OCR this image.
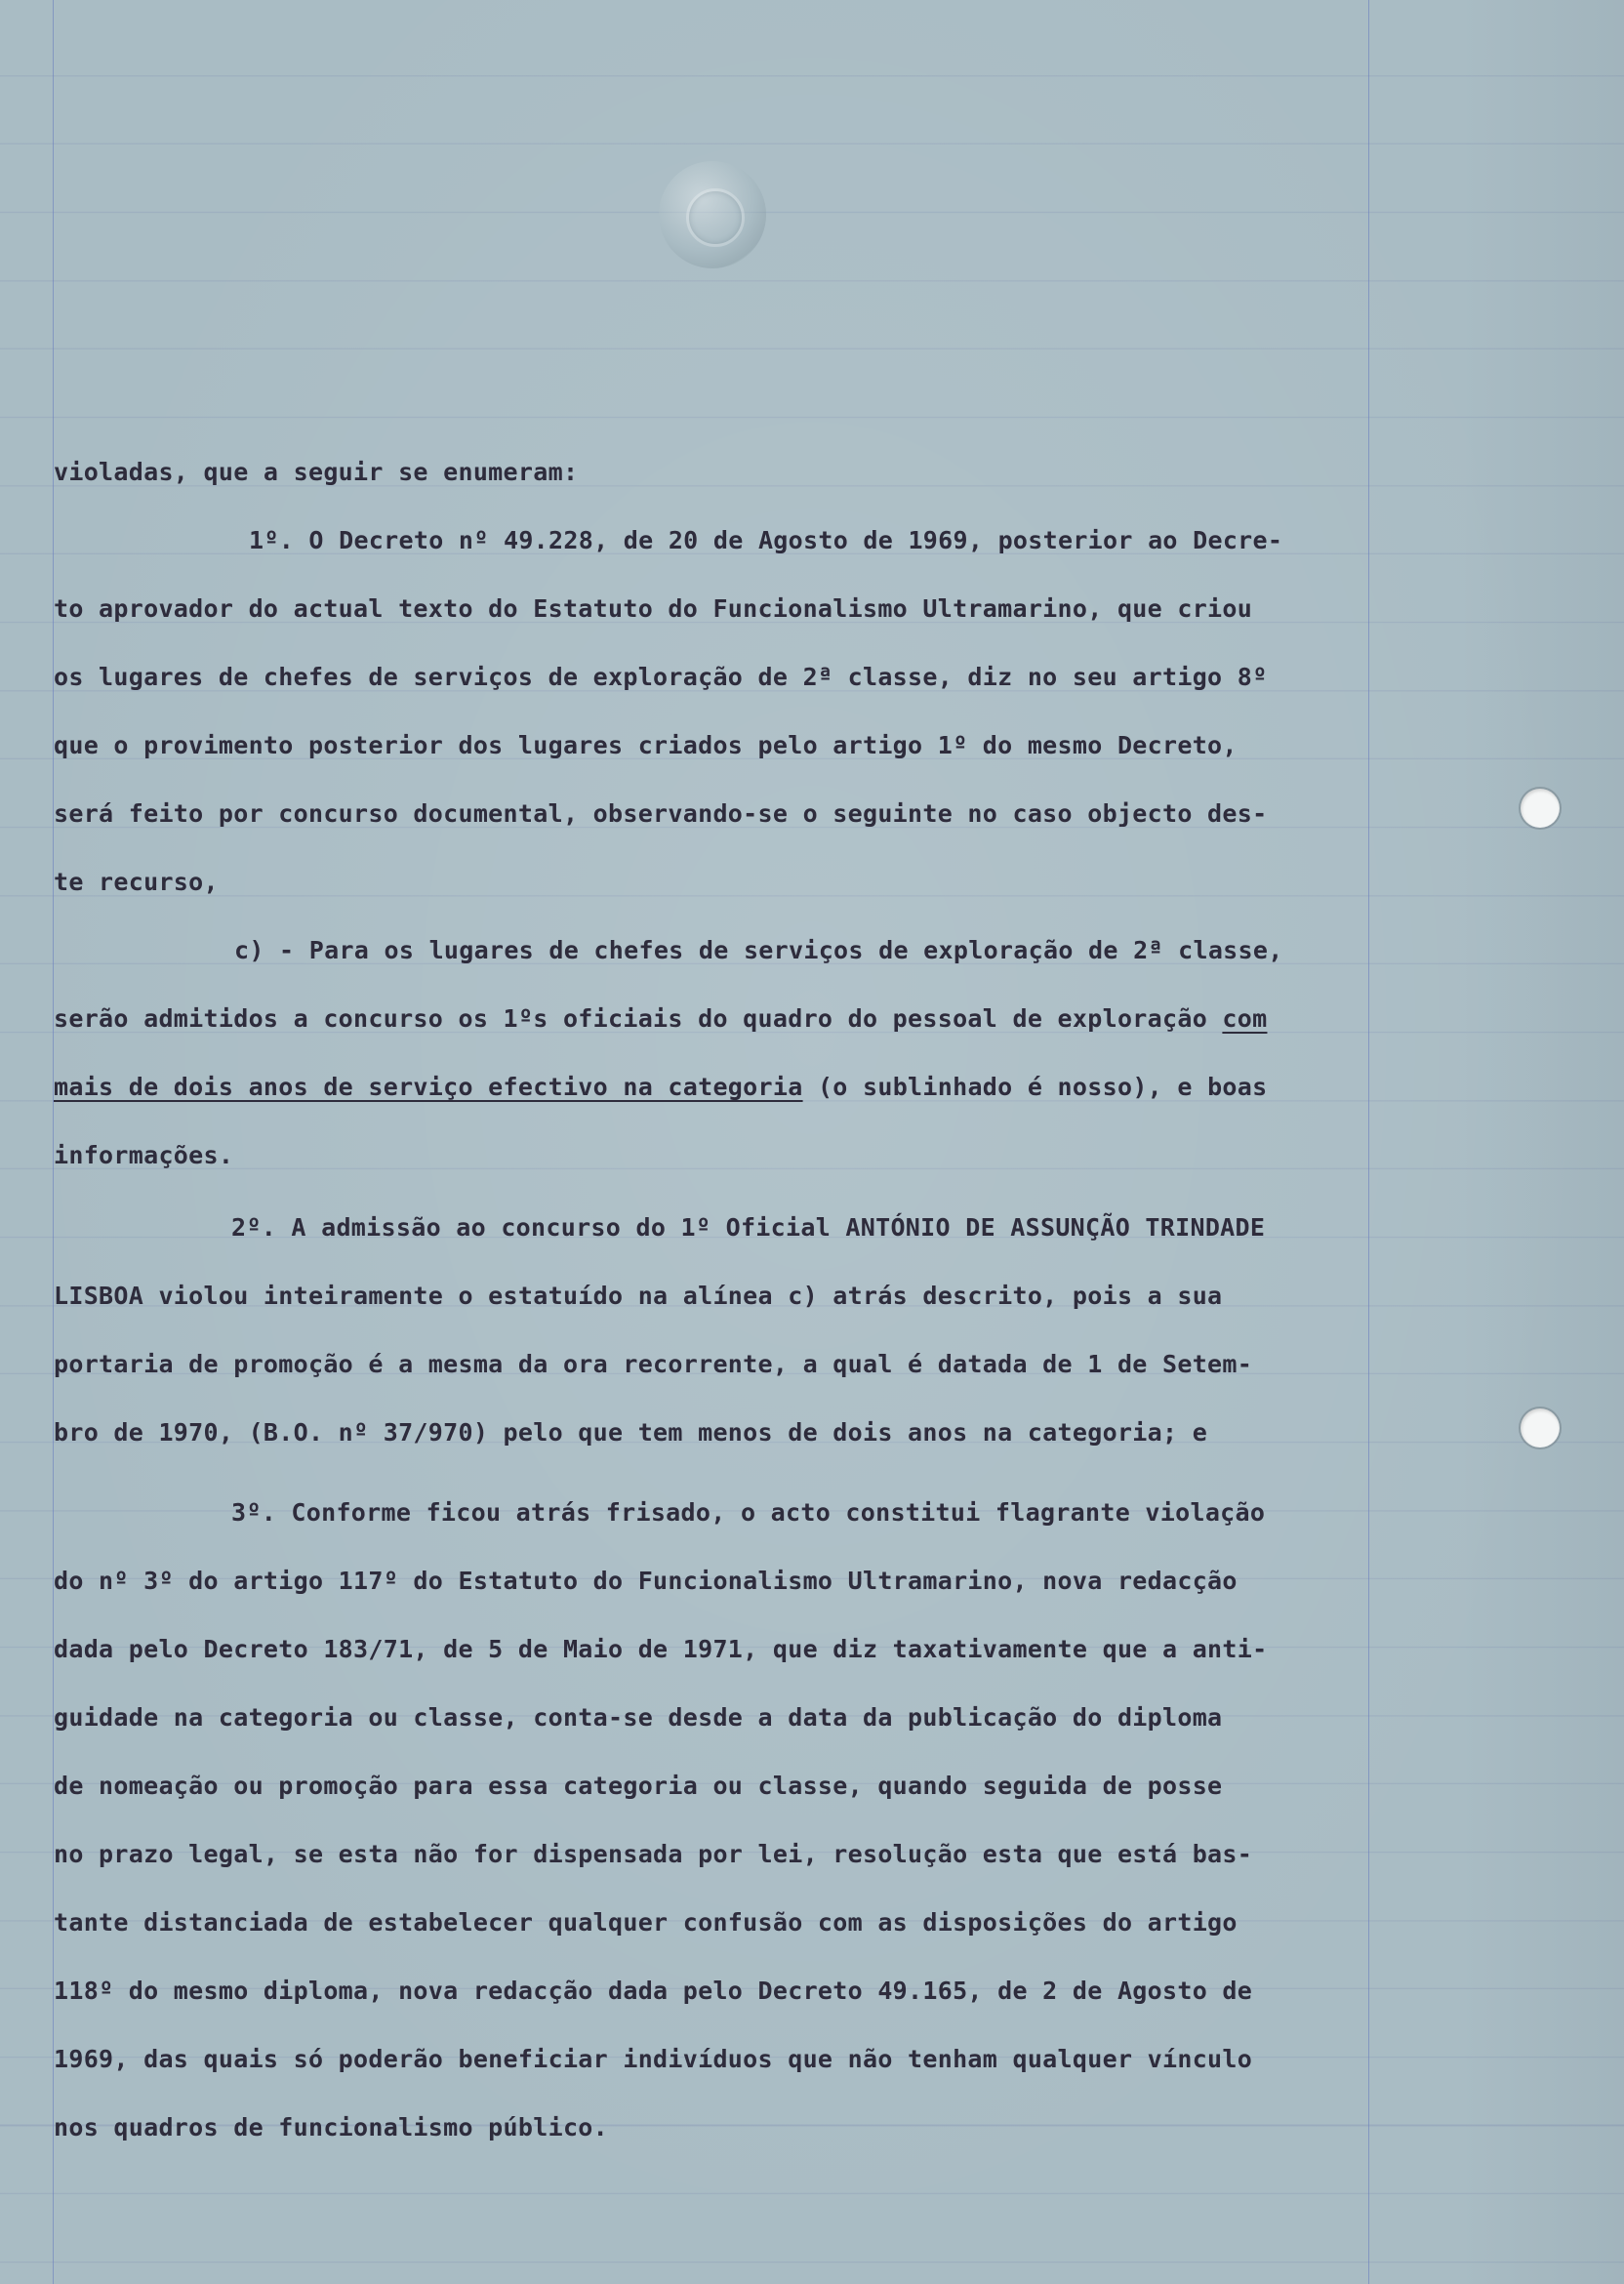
violadas, que a seguir se enumeram:
1º. O Decreto nº 49.228, de 20 de Agosto de 1969, posterior ao Decre-
to aprovador do actual texto do Estatuto do Funcionalismo Ultramarino, que criou
os lugares de chefes de serviços de exploração de 2ª classe, diz no seu artigo 8º
que o provimento posterior dos lugares criados pelo artigo 1º do mesmo Decreto,
será feito por concurso documental, observando-se o seguinte no caso objecto des-
te recurso,
c) - Para os lugares de chefes de serviços de exploração de 2ª classe,
serão admitidos a concurso os 1ºs oficiais do quadro do pessoal de exploração com
mais de dois anos de serviço efectivo na categoria (o sublinhado é nosso), e boas
informações.
2º. A admissão ao concurso do 1º Oficial ANTÓNIO DE ASSUNÇÃO TRINDADE
LISBOA violou inteiramente o estatuído na alínea c) atrás descrito, pois a sua
portaria de promoção é a mesma da ora recorrente, a qual é datada de 1 de Setem-
bro de 1970, (B.O. nº 37/970) pelo que tem menos de dois anos na categoria; e
3º. Conforme ficou atrás frisado, o acto constitui flagrante violação
do nº 3º do artigo 117º do Estatuto do Funcionalismo Ultramarino, nova redacção
dada pelo Decreto 183/71, de 5 de Maio de 1971, que diz taxativamente que a anti-
guidade na categoria ou classe, conta-se desde a data da publicação do diploma
de nomeação ou promoção para essa categoria ou classe, quando seguida de posse
no prazo legal, se esta não for dispensada por lei, resolução esta que está bas-
tante distanciada de estabelecer qualquer confusão com as disposições do artigo
118º do mesmo diploma, nova redacção dada pelo Decreto 49.165, de 2 de Agosto de
1969, das quais só poderão beneficiar indivíduos que não tenham qualquer vínculo
nos quadros de funcionalismo público.
